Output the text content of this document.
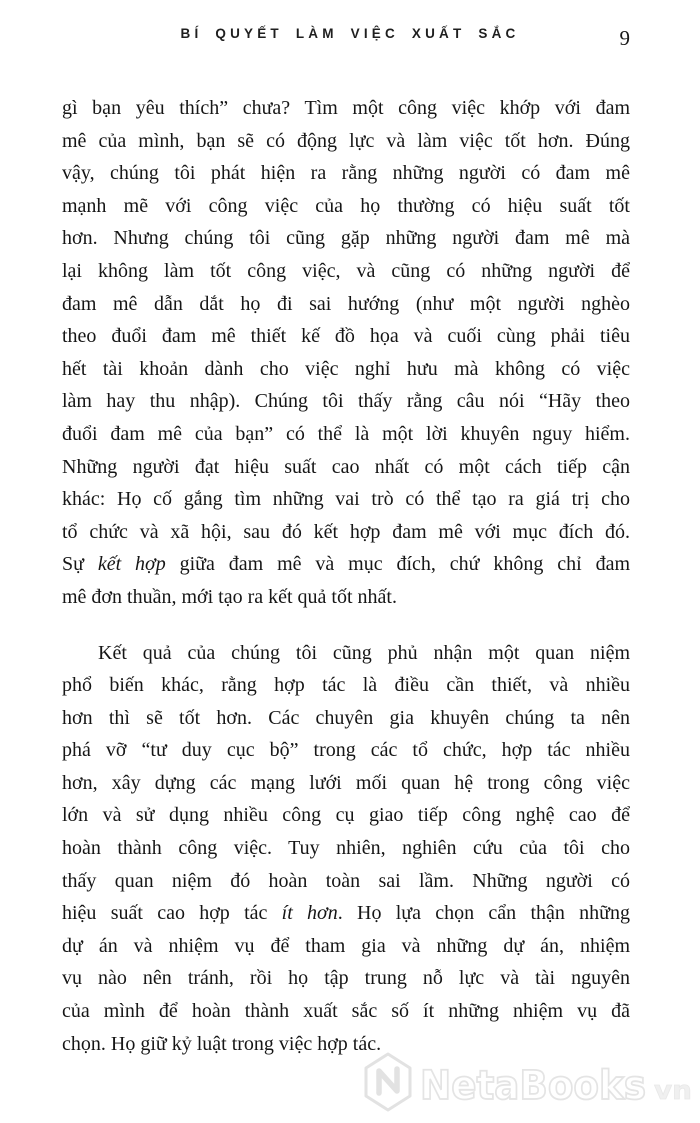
BÍ QUYẾT LÀM VIỆC XUẤT SẮC	9
gì bạn yêu thích” chưa? Tìm một công việc khớp với đam
mê của mình, bạn sẽ có động lực và làm việc tốt hơn. Đúng
vậy, chúng tôi phát hiện ra rằng những người có đam mê
mạnh mẽ với công việc của họ thường có hiệu suất tốt
hơn. Nhưng chúng tôi cũng gặp những người đam mê mà
lại không làm tốt công việc, và cũng có những người để
đam mê dẫn dắt họ đi sai hướng (như một người nghèo
theo đuổi đam mê thiết kế đồ họa và cuối cùng phải tiêu
hết tài khoản dành cho việc nghỉ hưu mà không có việc
làm hay thu nhập). Chúng tôi thấy rằng câu nói “Hãy theo
đuổi đam mê của bạn” có thể là một lời khuyên nguy hiểm.
Những người đạt hiệu suất cao nhất có một cách tiếp cận
khác: Họ cố gắng tìm những vai trò có thể tạo ra giá trị cho
tổ chức và xã hội, sau đó kết hợp đam mê với mục đích đó.
Sự kết hợp giữa đam mê và mục đích, chứ không chỉ đam
mê đơn thuần, mới tạo ra kết quả tốt nhất.
Kết quả của chúng tôi cũng phủ nhận một quan niệm
phổ biến khác, rằng hợp tác là điều cần thiết, và nhiều
hơn thì sẽ tốt hơn. Các chuyên gia khuyên chúng ta nên
phá vỡ “tư duy cục bộ” trong các tổ chức, hợp tác nhiều
hơn, xây dựng các mạng lưới mối quan hệ trong công việc
lớn và sử dụng nhiều công cụ giao tiếp công nghệ cao để
hoàn thành công việc. Tuy nhiên, nghiên cứu của tôi cho
thấy quan niệm đó hoàn toàn sai lầm. Những người có
hiệu suất cao hợp tác ít hơn. Họ lựa chọn cẩn thận những
dự án và nhiệm vụ để tham gia và những dự án, nhiệm
vụ nào nên tránh, rồi họ tập trung nỗ lực và tài nguyên
của mình để hoàn thành xuất sắc số ít những nhiệm vụ đã
chọn. Họ giữ kỷ luật trong việc hợp tác.
NetaBooks vn
